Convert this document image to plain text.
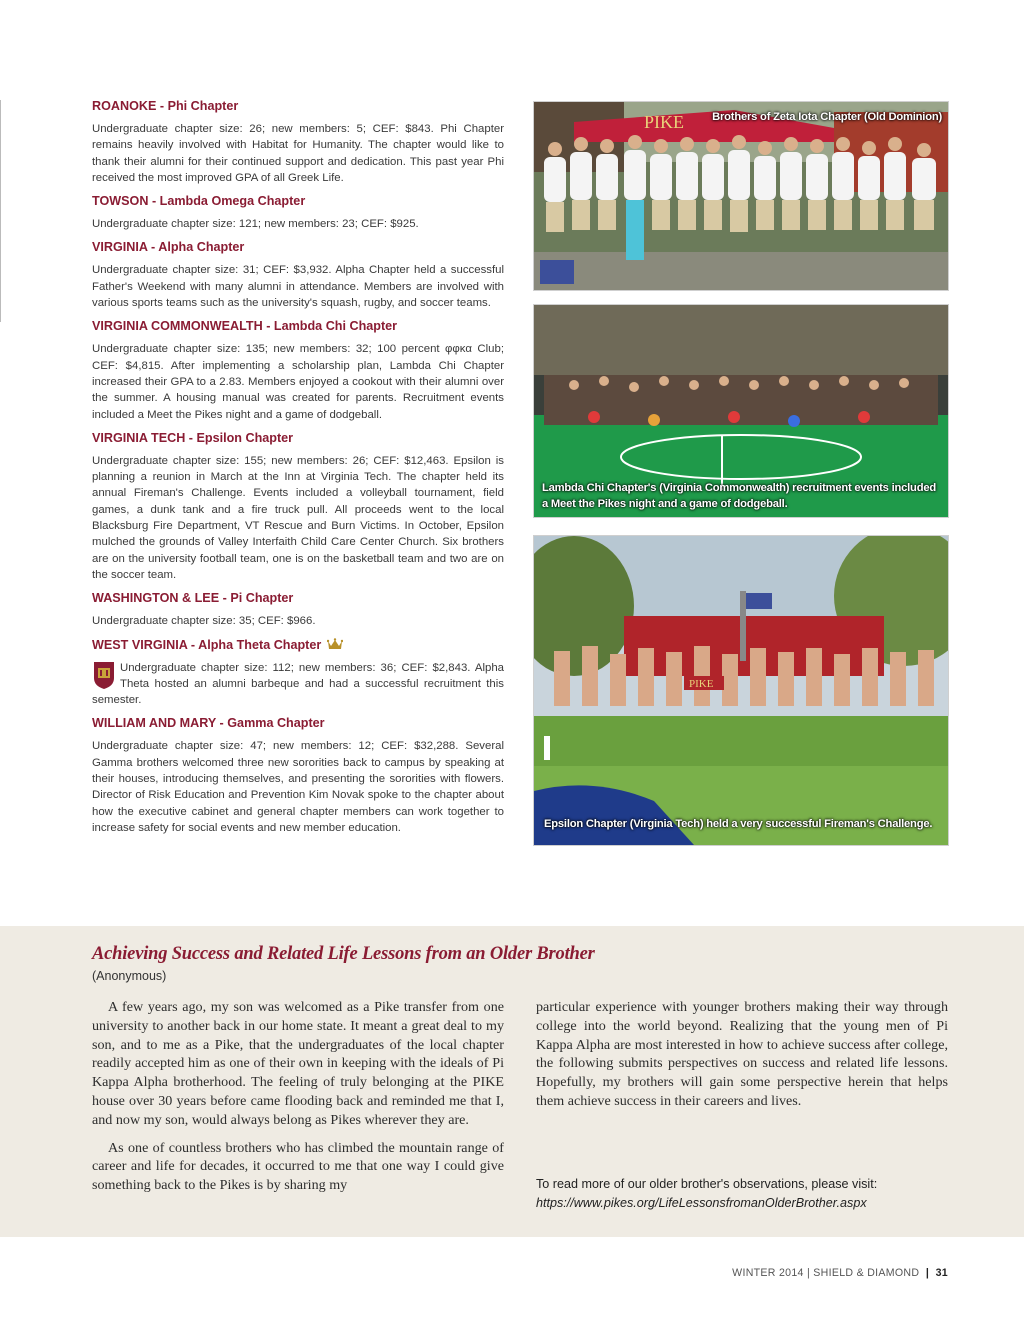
ROANOKE - Phi Chapter

Undergraduate chapter size: 26; new members: 5; CEF: $843. Phi Chapter remains heavily involved with Habitat for Humanity. The chapter would like to thank their alumni for their continued support and dedication. This past year Phi received the most improved GPA of all Greek Life.

TOWSON - Lambda Omega Chapter

Undergraduate chapter size: 121; new members: 23; CEF: $925.

VIRGINIA - Alpha Chapter

Undergraduate chapter size: 31; CEF: $3,932. Alpha Chapter held a successful Father's Weekend with many alumni in attendance. Members are involved with various sports teams such as the university's squash, rugby, and soccer teams.

VIRGINIA COMMONWEALTH - Lambda Chi Chapter

Undergraduate chapter size: 135; new members: 32; 100 percent φφκα Club; CEF: $4,815. After implementing a scholarship plan, Lambda Chi Chapter increased their GPA to a 2.83. Members enjoyed a cookout with their alumni over the summer. A housing manual was created for parents. Recruitment events included a Meet the Pikes night and a game of dodgeball.

VIRGINIA TECH - Epsilon Chapter

Undergraduate chapter size: 155; new members: 26; CEF: $12,463. Epsilon is planning a reunion in March at the Inn at Virginia Tech. The chapter held its annual Fireman's Challenge. Events included a volleyball tournament, field games, a dunk tank and a fire truck pull. All proceeds went to the local Blacksburg Fire Department, VT Rescue and Burn Victims. In October, Epsilon mulched the grounds of Valley Interfaith Child Care Center Church. Six brothers are on the university football team, one is on the basketball team and two are on the soccer team.

WASHINGTON & LEE - Pi Chapter

Undergraduate chapter size: 35; CEF: $966.

WEST VIRGINIA - Alpha Theta Chapter

Undergraduate chapter size: 112; new members: 36; CEF: $2,843. Alpha Theta hosted an alumni barbeque and had a successful recruitment this semester.

WILLIAM AND MARY - Gamma Chapter

Undergraduate chapter size: 47; new members: 12; CEF: $32,288. Several Gamma brothers welcomed three new sororities back to campus by speaking at their houses, introducing themselves, and presenting the sororities with flowers. Director of Risk Education and Prevention Kim Novak spoke to the chapter about how the executive cabinet and general chapter members can work together to increase safety for social events and new member education.

PIKE	Brothers of Zeta Iota Chapter (Old Dominion)
Lambda Chi Chapter's (Virginia Commonwealth) recruitment events included a Meet the Pikes night and a game of dodgeball.
PIKE
Epsilon Chapter (Virginia Tech) held a very successful Fireman's Challenge.
Achieving Success and Related Life Lessons from an Older Brother
(Anonymous)

A few years ago, my son was welcomed as a Pike transfer from one university to another back in our home state. It meant a great deal to my son, and to me as a Pike, that the undergraduates of the local chapter readily accepted him as one of their own in keeping with the ideals of Pi Kappa Alpha brotherhood. The feeling of truly belonging at the PIKE house over 30 years before came flooding back and reminded me that I, and now my son, would always belong as Pikes wherever they are.

As one of countless brothers who has climbed the mountain range of career and life for decades, it occurred to me that one way I could give something back to the Pikes is by sharing my

particular experience with younger brothers making their way through college into the world beyond. Realizing that the young men of Pi Kappa Alpha are most interested in how to achieve success after college, the following submits perspectives on success and related life lessons. Hopefully, my brothers will gain some perspective herein that helps them achieve success in their careers and lives.

To read more of our older brother's observations, please visit:
https://www.pikes.org/LifeLessonsfromanOlderBrother.aspx
WINTER 2014 | SHIELD & DIAMOND | 31
